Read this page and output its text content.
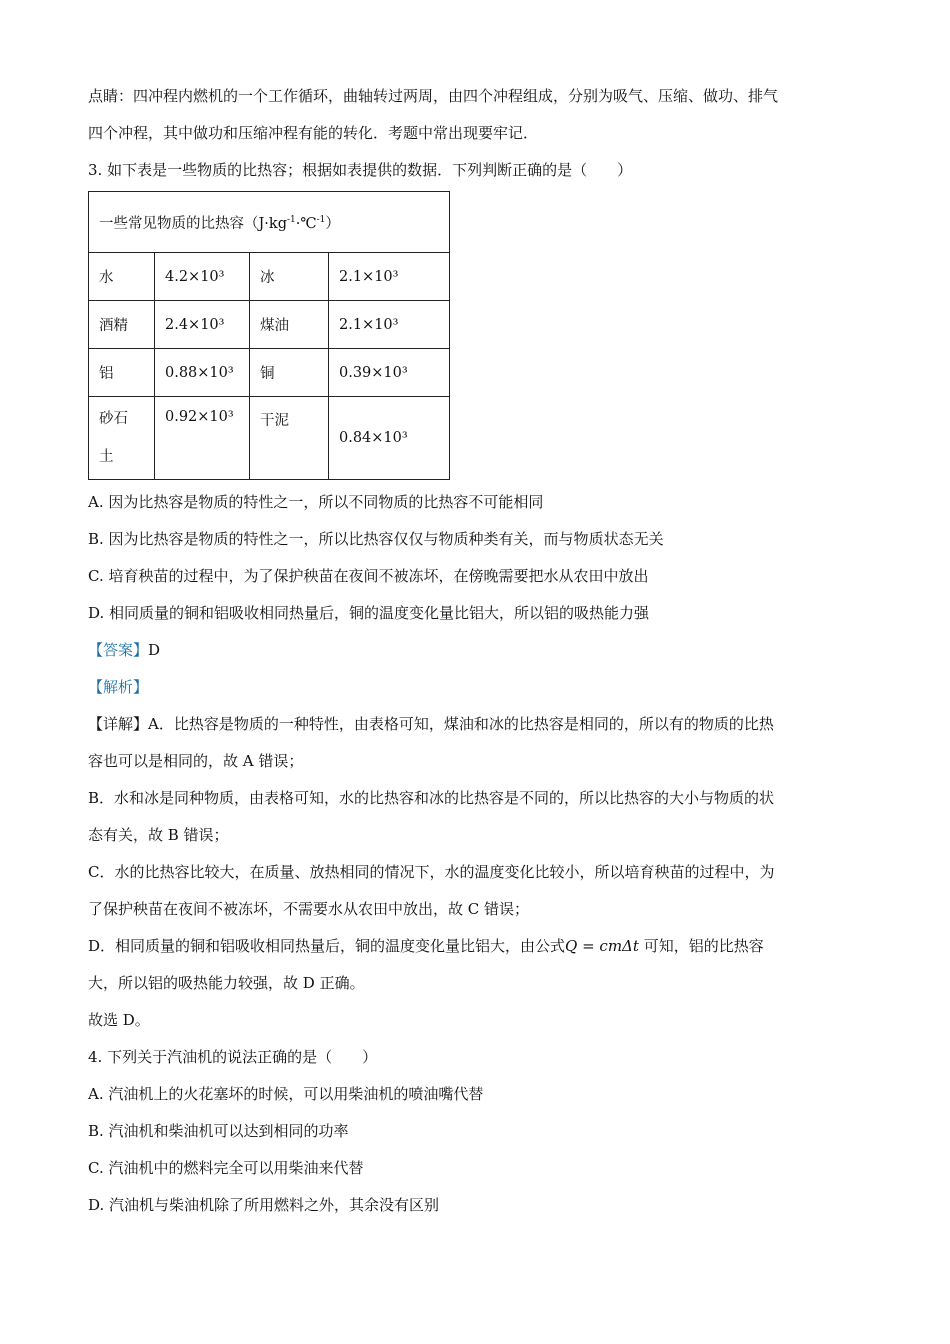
点睛：四冲程内燃机的一个工作循环，曲轴转过两周，由四个冲程组成，分别为吸气、压缩、做功、排气
四个冲程，其中做功和压缩冲程有能的转化．考题中常出现要牢记．
3. 如下表是一些物质的比热容；根据如表提供的数据．下列判断正确的是（　　）
一些常见物质的比热容$(J\cdot kg^{-1}\cdot℃^{-1})$			
水	4.2×10³	冰	2.1×10³
酒精	2.4×10³	煤油	2.1×10³
铝	0.88×10³	铜	0.39×10³
砂石
土	0.92×10³	干泥	0.84×10³
A. 因为比热容是物质的特性之一，所以不同物质的比热容不可能相同
B. 因为比热容是物质的特性之一，所以比热容仅仅与物质种类有关，而与物质状态无关
C. 培育秧苗的过程中，为了保护秧苗在夜间不被冻坏，在傍晚需要把水从农田中放出
D. 相同质量的铜和铝吸收相同热量后，铜的温度变化量比铝大，所以铝的吸热能力强
【答案】D
【解析】
【详解】A．比热容是物质的一种特性，由表格可知，煤油和冰的比热容是相同的，所以有的物质的比热
容也可以是相同的，故 A 错误；
B．水和冰是同种物质，由表格可知，水的比热容和冰的比热容是不同的，所以比热容的大小与物质的状
态有关，故 B 错误；
C．水的比热容比较大，在质量、放热相同的情况下，水的温度变化比较小，所以培育秧苗的过程中，为
了保护秧苗在夜间不被冻坏，不需要水从农田中放出，故 C 错误；
D．相同质量的铜和铝吸收相同热量后，铜的温度变化量比铝大，由公式Q = cmΔt 可知，铝的比热容
大，所以铝的吸热能力较强，故 D 正确。
故选 D。
4. 下列关于汽油机的说法正确的是（　　）
A. 汽油机上的火花塞坏的时候，可以用柴油机的喷油嘴代替
B. 汽油机和柴油机可以达到相同的功率
C. 汽油机中的燃料完全可以用柴油来代替
D. 汽油机与柴油机除了所用燃料之外，其余没有区别
